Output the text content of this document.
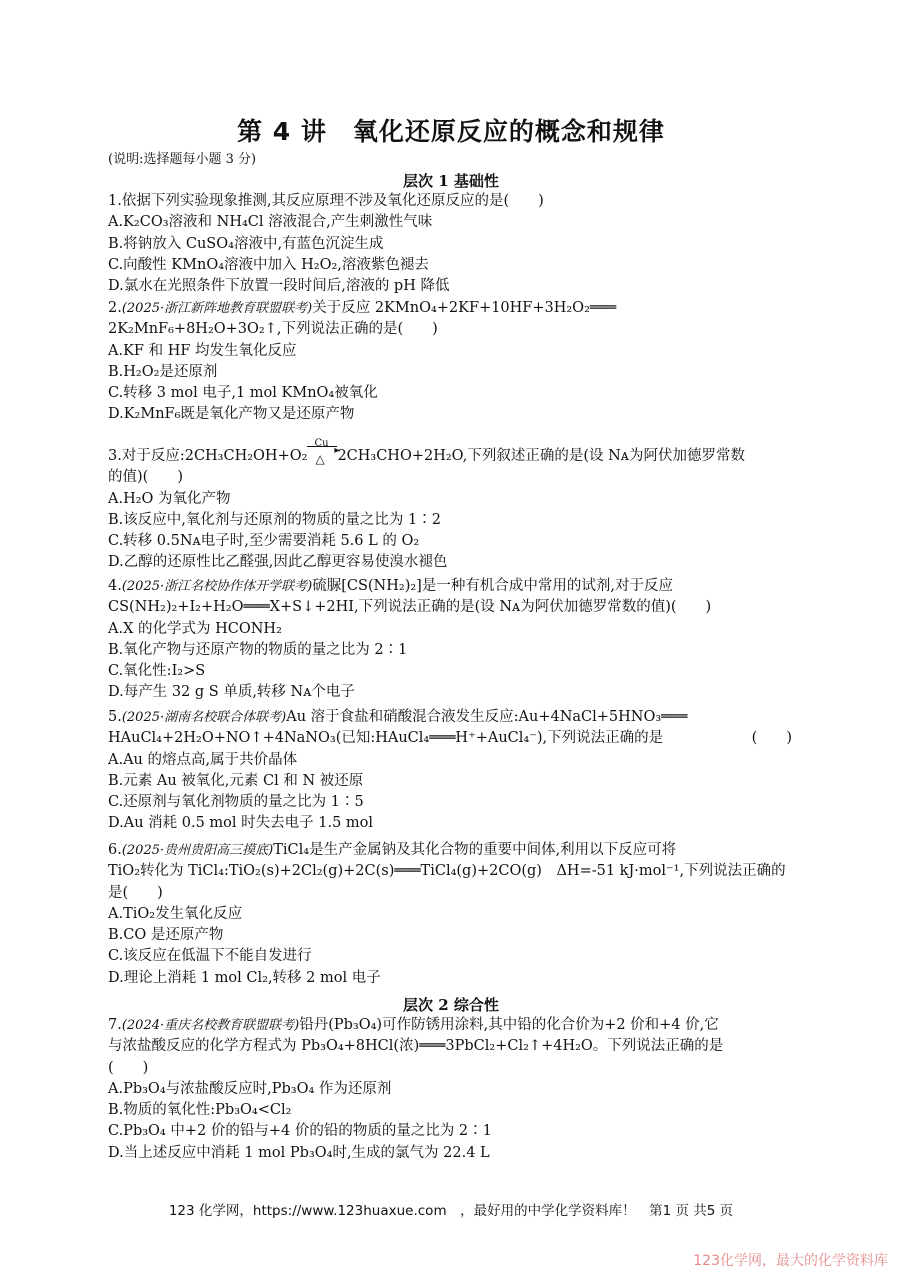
第 4 讲　氧化还原反应的概念和规律
(说明:选择题每小题 3 分)
层次 1 基础性

1.依据下列实验现象推测,其反应原理不涉及氧化还原反应的是(　　)

A.K₂CO₃溶液和 NH₄Cl 溶液混合,产生刺激性气味

B.将钠放入 CuSO₄溶液中,有蓝色沉淀生成

C.向酸性 KMnO₄溶液中加入 H₂O₂,溶液紫色褪去

D.氯水在光照条件下放置一段时间后,溶液的 pH 降低

2.(2025·浙江新阵地教育联盟联考)关于反应 2KMnO₄+2KF+10HF+3H₂O₂═══

2K₂MnF₆+8H₂O+3O₂↑,下列说法正确的是(　　)

A.KF 和 HF 均发生氧化反应

B.H₂O₂是还原剂

C.转移 3 mol 电子,1 mol KMnO₄被氧化

D.K₂MnF₆既是氧化产物又是还原产物

3.对于反应:2CH₃CH₂OH+O₂
Cu
▸
△ 2CH₃CHO+2H₂O,下列叙述正确的是(设 Nᴀ为阿伏加德罗常数

的值)(　　)

A.H₂O 为氧化产物

B.该反应中,氧化剂与还原剂的物质的量之比为 1∶2

C.转移 0.5Nᴀ电子时,至少需要消耗 5.6 L 的 O₂

D.乙醇的还原性比乙醛强,因此乙醇更容易使溴水褪色

4.(2025·浙江名校协作体开学联考)硫脲[CS(NH₂)₂]是一种有机合成中常用的试剂,对于反应

CS(NH₂)₂+I₂+H₂O═══X+S↓+2HI,下列说法正确的是(设 Nᴀ为阿伏加德罗常数的值)(　　)

A.X 的化学式为 HCONH₂

B.氧化产物与还原产物的物质的量之比为 2∶1

C.氧化性:I₂>S

D.每产生 32 g S 单质,转移 Nᴀ个电子

5.(2025·湖南名校联合体联考)Au 溶于食盐和硝酸混合液发生反应:Au+4NaCl+5HNO₃═══

HAuCl₄+2H₂O+NO↑+4NaNO₃(已知:HAuCl₄═══H⁺+AuCl₄⁻),下列说法正确的是	(　　)

A.Au 的熔点高,属于共价晶体

B.元素 Au 被氧化,元素 Cl 和 N 被还原

C.还原剂与氧化剂物质的量之比为 1∶5

D.Au 消耗 0.5 mol 时失去电子 1.5 mol

6.(2025·贵州贵阳高三摸底)TiCl₄是生产金属钠及其化合物的重要中间体,利用以下反应可将

TiO₂转化为 TiCl₄:TiO₂(s)+2Cl₂(g)+2C(s)═══TiCl₄(g)+2CO(g)　ΔH=-51 kJ·mol⁻¹,下列说法正确的

是(　　)

A.TiO₂发生氧化反应

B.CO 是还原产物

C.该反应在低温下不能自发进行

D.理论上消耗 1 mol Cl₂,转移 2 mol 电子

层次 2 综合性

7.(2024·重庆名校教育联盟联考)铅丹(Pb₃O₄)可作防锈用涂料,其中铅的化合价为+2 价和+4 价,它

与浓盐酸反应的化学方程式为 Pb₃O₄+8HCl(浓)═══3PbCl₂+Cl₂↑+4H₂O。下列说法正确的是

(　　)

A.Pb₃O₄与浓盐酸反应时,Pb₃O₄ 作为还原剂

B.物质的氧化性:Pb₃O₄<Cl₂

C.Pb₃O₄ 中+2 价的铅与+4 价的铅的物质的量之比为 2∶1

D.当上述反应中消耗 1 mol Pb₃O₄时,生成的氯气为 22.4 L

123 化学网，https://www.123huaxue.com　，最好用的中学化学资料库！　第1 页 共5 页
123化学网，最大的化学资料库
